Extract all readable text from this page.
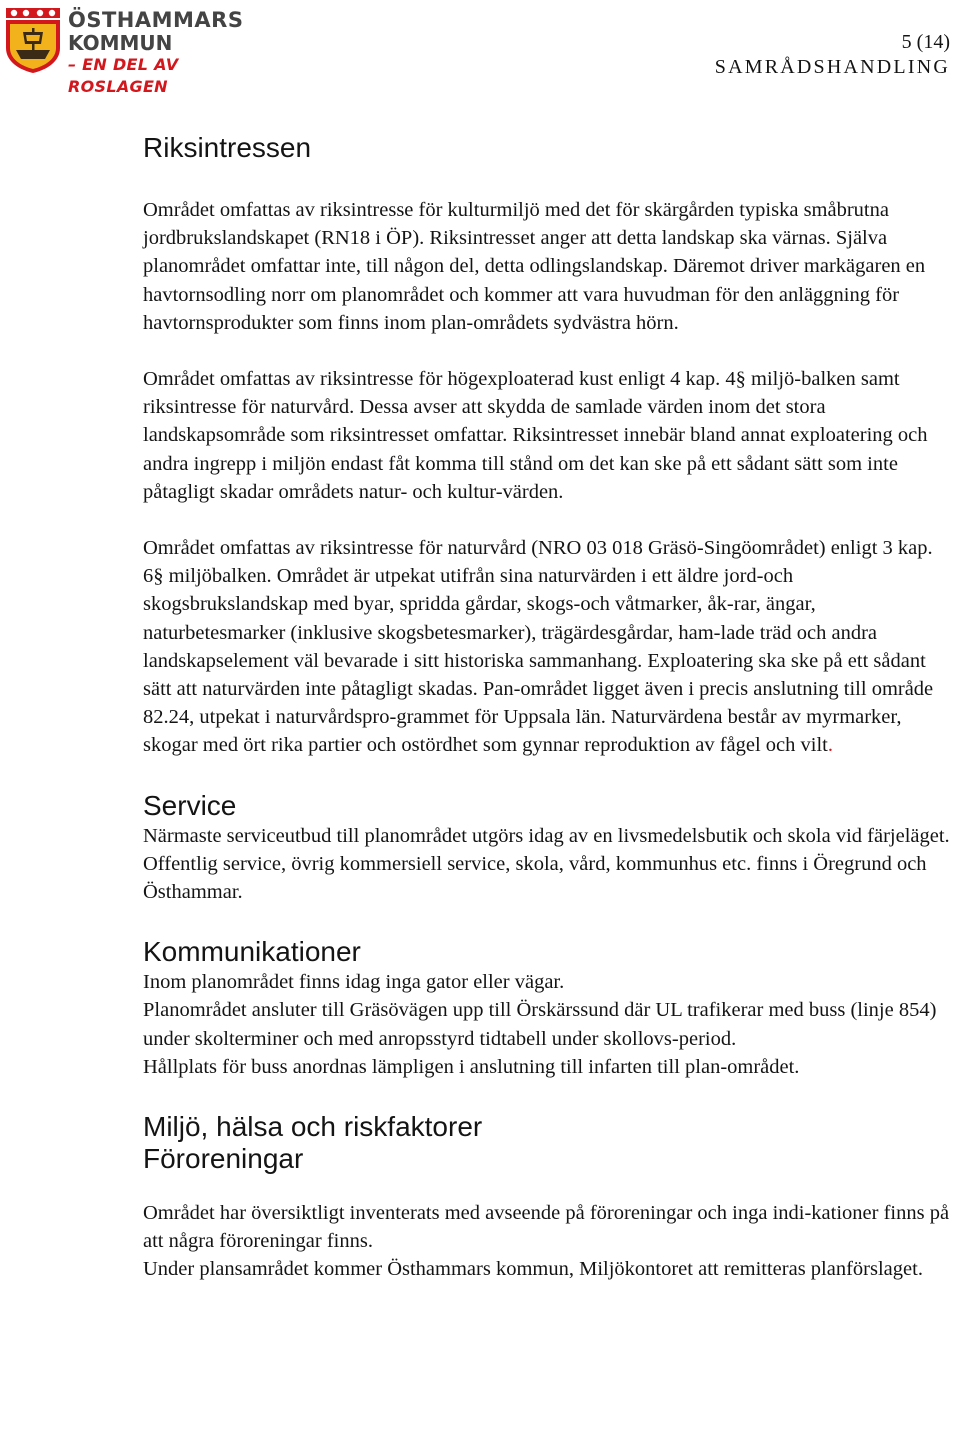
ÖSTHAMMARS
KOMMUN
– EN DEL AV ROSLAGEN
5 (14)
SAMRÅDSHANDLING
Riksintressen

Området omfattas av riksintresse för kulturmiljö med det för skärgården typiska småbrutna jordbrukslandskapet (RN18 i ÖP). Riksintresset anger att detta landskap ska värnas. Själva planområdet omfattar inte, till någon del, detta odlingslandskap. Däremot driver markägaren en havtornsodling norr om planområdet och kommer att vara huvudman för den anläggning för havtornsprodukter som finns inom plan-områdets sydvästra hörn.

Området omfattas av riksintresse för högexploaterad kust enligt 4 kap. 4§ miljö-balken samt riksintresse för naturvård. Dessa avser att skydda de samlade värden inom det stora landskapsområde som riksintresset omfattar. Riksintresset innebär bland annat exploatering och andra ingrepp i miljön endast fåt komma till stånd om det kan ske på ett sådant sätt som inte påtagligt skadar områdets natur- och kultur-värden.

Området omfattas av riksintresse för naturvård (NRO 03 018 Gräsö-Singöområdet) enligt 3 kap. 6§ miljöbalken. Området är utpekat utifrån sina naturvärden i ett äldre jord-och skogsbrukslandskap med byar, spridda gårdar, skogs-och våtmarker, åk-rar, ängar, naturbetesmarker (inklusive skogsbetesmarker), trägärdesgårdar, ham-lade träd och andra landskapselement väl bevarade i sitt historiska sammanhang. Exploatering ska ske på ett sådant sätt att naturvärden inte påtagligt skadas. Pan-området ligget även i precis anslutning till område 82.24, utpekat i naturvårdspro-grammet för Uppsala län. Naturvärdena består av myrmarker, skogar med ört rika partier och ostördhet som gynnar reproduktion av fågel och vilt.

Service

Närmaste serviceutbud till planområdet utgörs idag av en livsmedelsbutik och skola vid färjeläget.

Offentlig service, övrig kommersiell service, skola, vård, kommunhus etc. finns i Öregrund och Östhammar.

Kommunikationer

Inom planområdet finns idag inga gator eller vägar.

Planområdet ansluter till Gräsövägen upp till Örskärssund där UL trafikerar med buss (linje 854) under skolterminer och med anropsstyrd tidtabell under skollovs-period.

Hållplats för buss anordnas lämpligen i anslutning till infarten till plan-området.

Miljö, hälsa och riskfaktorer
Föroreningar

Området har översiktligt inventerats med avseende på föroreningar och inga indi-kationer finns på att några föroreningar finns.

Under plansamrådet kommer Östhammars kommun, Miljökontoret att remitteras planförslaget.
